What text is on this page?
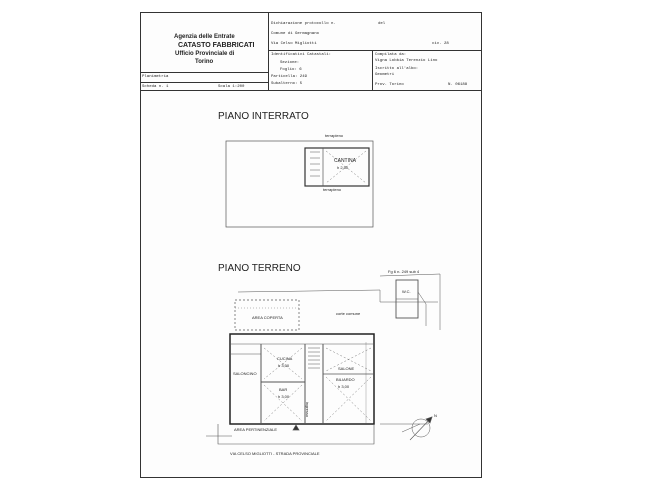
Agenzia delle Entrate
CATASTO FABBRICATI
Ufficio Provinciale di
Torino
Planimetria
Scheda n. 1	Scala 1:200
Dichiarazione protocollo n.	del
Comune di Germagnano
Via Celso Migliotti	civ. 28
Identificativi Catastali:
Sezione:
Foglio: 6
Particella: 249
Subalterno: 5
Compilata da:
Vigna Lobbia Terenzio Lino
Iscritto all'albo:
Geometri
Prov. Torino	N. 06188
PIANO INTERRATO
PIANO TERRENO
terrapieno
terrapieno
CANTINA
h 2,50
AREA COPERTA
CUCINA
h 3,00
SALONCINO
BAR
h 3,00
SALONE
BILIARDO
h 3,00
ingresso
AREA PERTINENZIALE
VIA CELSO MIGLIOTTI - STRADA PROVINCIALE
W.C.
Fg 6 n. 249 sub 4
corte comune
N
